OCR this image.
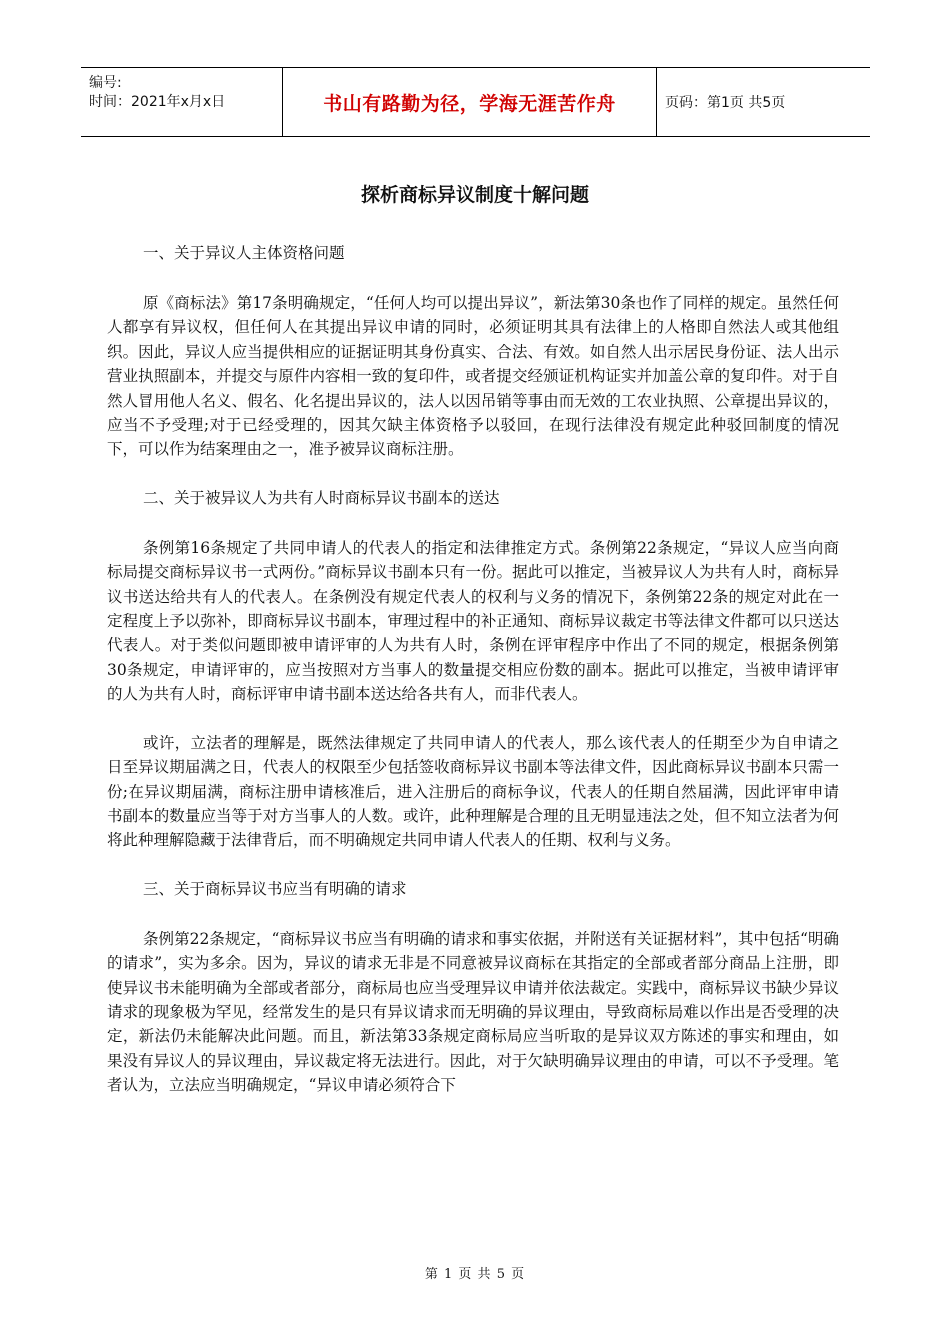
编号:
时间：2021年x月x日	书山有路勤为径，学海无涯苦作舟	页码：第1页 共5页
探析商标异议制度十解问题

一、关于异议人主体资格问题

原《商标法》第17条明确规定，“任何人均可以提出异议”，新法第30条也作了同样的规定。虽然任何人都享有异议权，但任何人在其提出异议申请的同时，必须证明其具有法律上的人格即自然法人或其他组织。因此，异议人应当提供相应的证据证明其身份真实、合法、有效。如自然人出示居民身份证、法人出示营业执照副本，并提交与原件内容相一致的复印件，或者提交经颁证机构证实并加盖公章的复印件。对于自然人冒用他人名义、假名、化名提出异议的，法人以因吊销等事由而无效的工农业执照、公章提出异议的，应当不予受理;对于已经受理的，因其欠缺主体资格予以驳回，在现行法律没有规定此种驳回制度的情况下，可以作为结案理由之一，准予被异议商标注册。

二、关于被异议人为共有人时商标异议书副本的送达

条例第16条规定了共同申请人的代表人的指定和法律推定方式。条例第22条规定，“异议人应当向商标局提交商标异议书一式两份。”商标异议书副本只有一份。据此可以推定，当被异议人为共有人时，商标异议书送达给共有人的代表人。在条例没有规定代表人的权利与义务的情况下，条例第22条的规定对此在一定程度上予以弥补，即商标异议书副本，审理过程中的补正通知、商标异议裁定书等法律文件都可以只送达代表人。对于类似问题即被申请评审的人为共有人时，条例在评审程序中作出了不同的规定，根据条例第30条规定，申请评审的，应当按照对方当事人的数量提交相应份数的副本。据此可以推定，当被申请评审的人为共有人时，商标评审申请书副本送达给各共有人，而非代表人。

或许，立法者的理解是，既然法律规定了共同申请人的代表人，那么该代表人的任期至少为自申请之日至异议期届满之日，代表人的权限至少包括签收商标异议书副本等法律文件，因此商标异议书副本只需一份;在异议期届满，商标注册申请核准后，进入注册后的商标争议，代表人的任期自然届满，因此评审申请书副本的数量应当等于对方当事人的人数。或许，此种理解是合理的且无明显违法之处，但不知立法者为何将此种理解隐藏于法律背后，而不明确规定共同申请人代表人的任期、权利与义务。

三、关于商标异议书应当有明确的请求

条例第22条规定，“商标异议书应当有明确的请求和事实依据，并附送有关证据材料”，其中包括“明确的请求”，实为多余。因为，异议的请求无非是不同意被异议商标在其指定的全部或者部分商品上注册，即使异议书未能明确为全部或者部分，商标局也应当受理异议申请并依法裁定。实践中，商标异议书缺少异议请求的现象极为罕见，经常发生的是只有异议请求而无明确的异议理由，导致商标局难以作出是否受理的决定，新法仍未能解决此问题。而且，新法第33条规定商标局应当听取的是异议双方陈述的事实和理由，如果没有异议人的异议理由，异议裁定将无法进行。因此，对于欠缺明确异议理由的申请，可以不予受理。笔者认为，立法应当明确规定，“异议申请必须符合下

第 1 页 共 5 页
